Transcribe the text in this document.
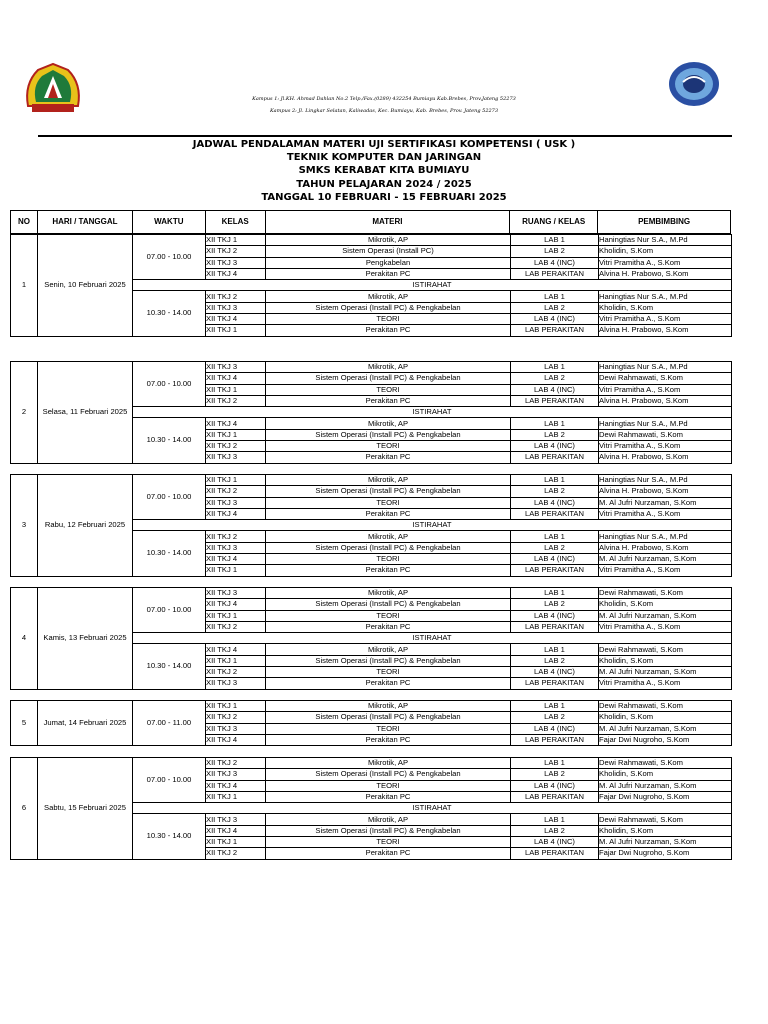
Kampus 1: Jl.KH. Ahmad Dahlan No.2 Telp./Fax.(0289) 432254 Bumiayu Kab.Brebes, Prov.Jateng 52273
Kampus 2: Jl. Lingkar Selatan, Kaliwadas, Kec. Bumiayu, Kab. Brebes, Prov. Jateng 52273
JADWAL PENDALAMAN MATERI UJI SERTIFIKASI KOMPETENSI ( USK )
TEKNIK KOMPUTER DAN JARINGAN
SMKS KERABAT KITA BUMIAYU
TAHUN PELAJARAN 2024 / 2025
TANGGAL 10 FEBRUARI - 15 FEBRUARI 2025
NO	HARI / TANGGAL	WAKTU	KELAS	MATERI	RUANG / KELAS	PEMBIMBING
1	Senin, 10 Februari 2025	07.00 - 10.00	XII TKJ 1	Mikrotik, AP	LAB 1	Haningtias Nur S.A., M.Pd
			XII TKJ 2	Sistem Operasi (Install PC)	LAB 2	Kholidin, S.Kom
			XII TKJ 3	Pengkabelan	LAB 4 (INC)	Vitri Pramitha A., S.Kom
			XII TKJ 4	Perakitan PC	LAB PERAKITAN	Alvina H. Prabowo, S.Kom
		ISTIRAHAT				
		10.30 - 14.00	XII TKJ 2	Mikrotik, AP	LAB 1	Haningtias Nur S.A., M.Pd
			XII TKJ 3	Sistem Operasi (Install PC) & Pengkabelan	LAB 2	Kholidin, S.Kom
			XII TKJ 4	TEORI	LAB 4 (INC)	Vitri Pramitha A., S.Kom
			XII TKJ 1	Perakitan PC	LAB PERAKITAN	Alvina H. Prabowo, S.Kom
2	Selasa, 11 Februari 2025	07.00 - 10.00	XII TKJ 3	Mikrotik, AP	LAB 1	Haningtias Nur S.A., M.Pd
			XII TKJ 4	Sistem Operasi (Install PC) & Pengkabelan	LAB 2	Dewi Rahmawati, S.Kom
			XII TKJ 1	TEORI	LAB 4 (INC)	Vitri Pramitha A., S.Kom
			XII TKJ 2	Perakitan PC	LAB PERAKITAN	Alvina H. Prabowo, S.Kom
		ISTIRAHAT				
		10.30 - 14.00	XII TKJ 4	Mikrotik, AP	LAB 1	Haningtias Nur S.A., M.Pd
			XII TKJ 1	Sistem Operasi (Install PC) & Pengkabelan	LAB 2	Dewi Rahmawati, S.Kom
			XII TKJ 2	TEORI	LAB 4 (INC)	Vitri Pramitha A., S.Kom
			XII TKJ 3	Perakitan PC	LAB PERAKITAN	Alvina H. Prabowo, S.Kom
3	Rabu, 12 Februari 2025	07.00 - 10.00	XII TKJ 1	Mikrotik, AP	LAB 1	Haningtias Nur S.A., M.Pd
			XII TKJ 2	Sistem Operasi (Install PC) & Pengkabelan	LAB 2	Alvina H. Prabowo, S.Kom
			XII TKJ 3	TEORI	LAB 4 (INC)	M. Al Jufri Nurzaman, S.Kom
			XII TKJ 4	Perakitan PC	LAB PERAKITAN	Vitri Pramitha A., S.Kom
		ISTIRAHAT				
		10.30 - 14.00	XII TKJ 2	Mikrotik, AP	LAB 1	Haningtias Nur S.A., M.Pd
			XII TKJ 3	Sistem Operasi (Install PC) & Pengkabelan	LAB 2	Alvina H. Prabowo, S.Kom
			XII TKJ 4	TEORI	LAB 4 (INC)	M. Al Jufri Nurzaman, S.Kom
			XII TKJ 1	Perakitan PC	LAB PERAKITAN	Vitri Pramitha A., S.Kom
4	Kamis, 13 Februari 2025	07.00 - 10.00	XII TKJ 3	Mikrotik, AP	LAB 1	Dewi Rahmawati, S.Kom
			XII TKJ 4	Sistem Operasi (Install PC) & Pengkabelan	LAB 2	Kholidin, S.Kom
			XII TKJ 1	TEORI	LAB 4 (INC)	M. Al Jufri Nurzaman, S.Kom
			XII TKJ 2	Perakitan PC	LAB PERAKITAN	Vitri Pramitha A., S.Kom
		ISTIRAHAT				
		10.30 - 14.00	XII TKJ 4	Mikrotik, AP	LAB 1	Dewi Rahmawati, S.Kom
			XII TKJ 1	Sistem Operasi (Install PC) & Pengkabelan	LAB 2	Kholidin, S.Kom
			XII TKJ 2	TEORI	LAB 4 (INC)	M. Al Jufri Nurzaman, S.Kom
			XII TKJ 3	Perakitan PC	LAB PERAKITAN	Vitri Pramitha A., S.Kom
5	Jumat, 14 Februari 2025	07.00 - 11.00	XII TKJ 1	Mikrotik, AP	LAB 1	Dewi Rahmawati, S.Kom
			XII TKJ 2	Sistem Operasi (Install PC) & Pengkabelan	LAB 2	Kholidin, S.Kom
			XII TKJ 3	TEORI	LAB 4 (INC)	M. Al Jufri Nurzaman, S.Kom
			XII TKJ 4	Perakitan PC	LAB PERAKITAN	Fajar Dwi Nugroho, S.Kom
6	Sabtu, 15 Februari 2025	07.00 - 10.00	XII TKJ 2	Mikrotik, AP	LAB 1	Dewi Rahmawati, S.Kom
			XII TKJ 3	Sistem Operasi (Install PC) & Pengkabelan	LAB 2	Kholidin, S.Kom
			XII TKJ 4	TEORI	LAB 4 (INC)	M. Al Jufri Nurzaman, S.Kom
			XII TKJ 1	Perakitan PC	LAB PERAKITAN	Fajar Dwi Nugroho, S.Kom
		ISTIRAHAT				
		10.30 - 14.00	XII TKJ 3	Mikrotik, AP	LAB 1	Dewi Rahmawati, S.Kom
			XII TKJ 4	Sistem Operasi (Install PC) & Pengkabelan	LAB 2	Kholidin, S.Kom
			XII TKJ 1	TEORI	LAB 4 (INC)	M. Al Jufri Nurzaman, S.Kom
			XII TKJ 2	Perakitan PC	LAB PERAKITAN	Fajar Dwi Nugroho, S.Kom
